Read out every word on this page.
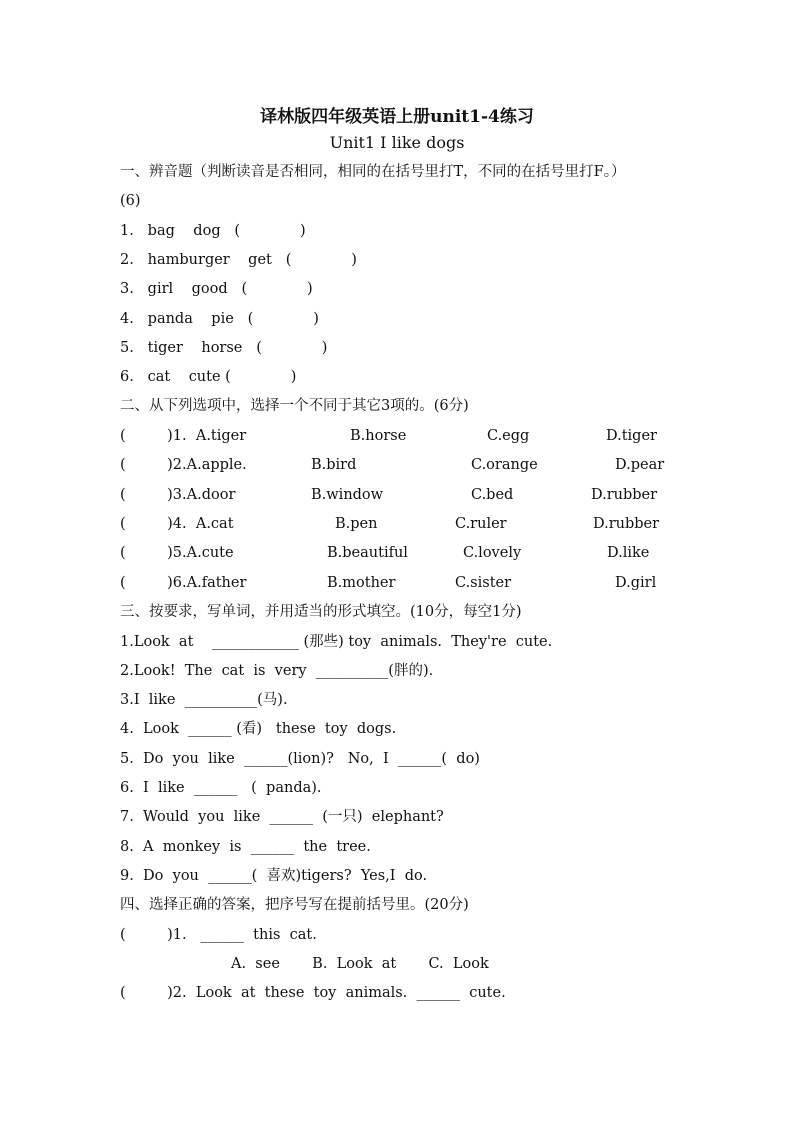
译林版四年级英语上册unit1-4练习
Unit1 I like dogs
一、辨音题（判断读音是否相同，相同的在括号里打T，不同的在括号里打F。）
(6)
1.   bag    dog   (             )
2.   hamburger    get   (             )
3.   girl    good   (             )
4.   panda    pie   (             )
5.   tiger    horse   (             )
6.   cat    cute (             )
二、从下列选项中，选择一个不同于其它3项的。(6分)
(         )1.  A.tiger	B.horse	C.egg	D.tiger
(         )2.A.apple.	B.bird	C.orange	D.pear
(         )3.A.door	B.window	C.bed	D.rubber
(         )4.  A.cat	B.pen	C.ruler	D.rubber
(         )5.A.cute	B.beautiful	C.lovely	D.like
(         )6.A.father	B.mother	C.sister	D.girl
三、按要求，写单词，并用适当的形式填空。(10分，每空1分)
1.Look  at    ____________ (那些) toy  animals.  They're  cute.
2.Look!  The  cat  is  very  __________(胖的).
3.I  like  __________(马).
4.  Look  ______ (看)   these  toy  dogs.
5.  Do  you  like  ______(lion)?   No,  I  ______(  do)
6.  I  like  ______   (  panda).
7.  Would  you  like  ______  (一只)  elephant?
8.  A  monkey  is  ______  the  tree.
9.  Do  you  ______(  喜欢)tigers?  Yes,I  do.
四、选择正确的答案，把序号写在提前括号里。(20分)
(         )1.   ______  this  cat.
A.  see       B.  Look  at       C.  Look
(         )2.  Look  at  these  toy  animals.  ______  cute.
